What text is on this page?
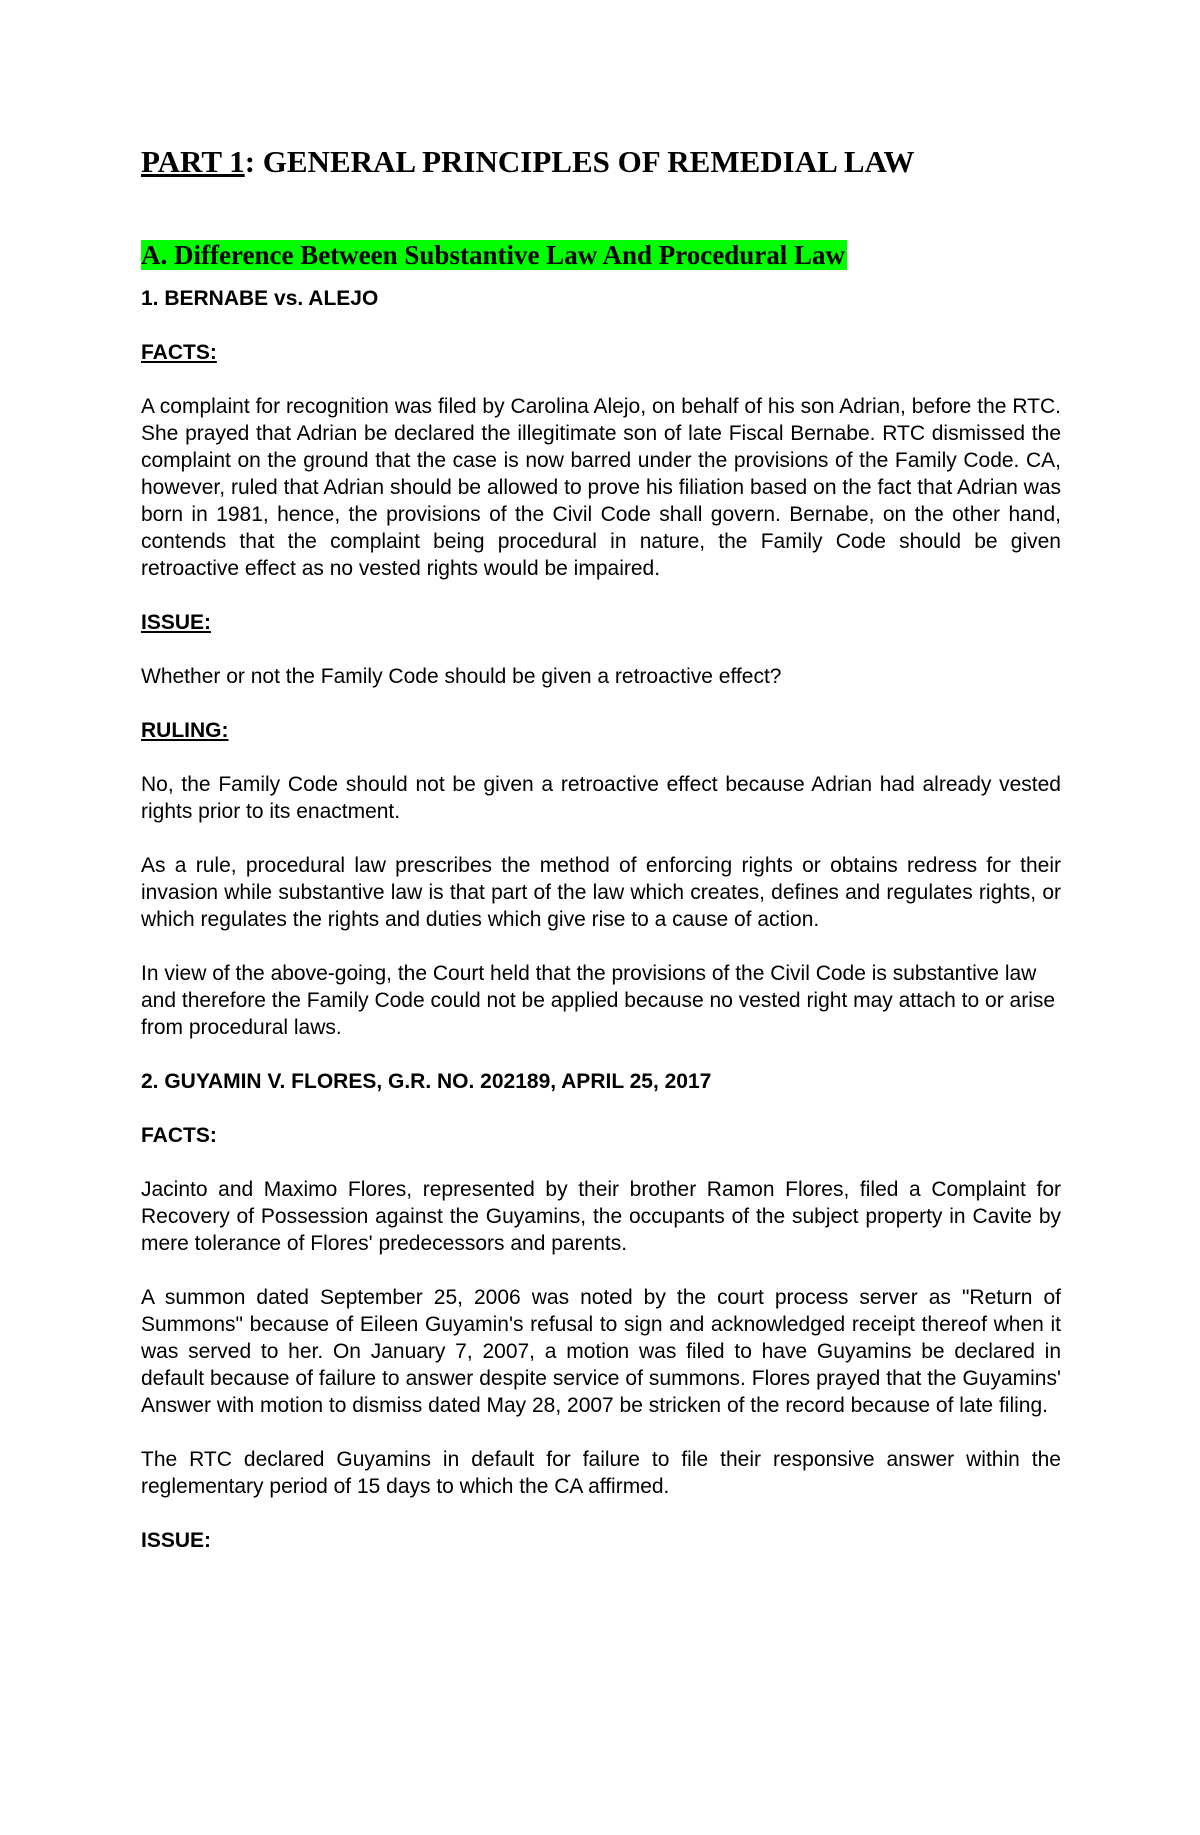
PART 1: GENERAL PRINCIPLES OF REMEDIAL LAW
A. Difference Between Substantive Law And Procedural Law
1. BERNABE vs. ALEJO
FACTS:

A complaint for recognition was filed by Carolina Alejo, on behalf of his son Adrian, before the RTC. She prayed that Adrian be declared the illegitimate son of late Fiscal Bernabe. RTC dismissed the complaint on the ground that the case is now barred under the provisions of the Family Code. CA, however, ruled that Adrian should be allowed to prove his filiation based on the fact that Adrian was born in 1981, hence, the provisions of the Civil Code shall govern. Bernabe, on the other hand, contends that the complaint being procedural in nature, the Family Code should be given retroactive effect as no vested rights would be impaired.

ISSUE:

Whether or not the Family Code should be given a retroactive effect?

RULING:

No, the Family Code should not be given a retroactive effect because Adrian had already vested rights prior to its enactment.

As a rule, procedural law prescribes the method of enforcing rights or obtains redress for their invasion while substantive law is that part of the law which creates, defines and regulates rights, or which regulates the rights and duties which give rise to a cause of action.

In view of the above-going, the Court held that the provisions of the Civil Code is substantive law and therefore the Family Code could not be applied because no vested right may attach to or arise from procedural laws.

2. GUYAMIN V. FLORES, G.R. NO. 202189, APRIL 25, 2017
FACTS:

Jacinto and Maximo Flores, represented by their brother Ramon Flores, filed a Complaint for Recovery of Possession against the Guyamins, the occupants of the subject property in Cavite by mere tolerance of Flores' predecessors and parents.

A summon dated September 25, 2006 was noted by the court process server as "Return of Summons" because of Eileen Guyamin's refusal to sign and acknowledged receipt thereof when it was served to her. On January 7, 2007, a motion was filed to have Guyamins be declared in default because of failure to answer despite service of summons. Flores prayed that the Guyamins' Answer with motion to dismiss dated May 28, 2007 be stricken of the record because of late filing.

The RTC declared Guyamins in default for failure to file their responsive answer within the reglementary period of 15 days to which the CA affirmed.

ISSUE:
